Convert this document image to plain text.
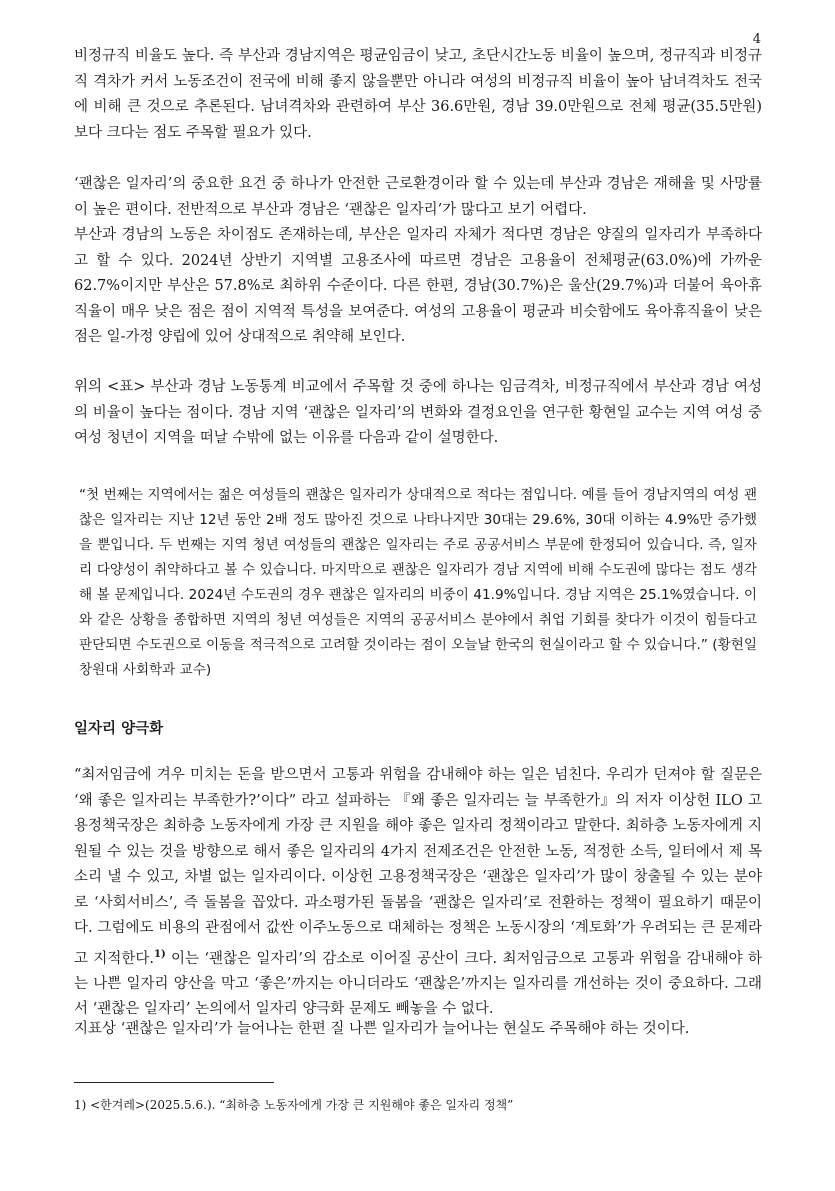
4

비정규직 비율도 높다. 즉 부산과 경남지역은 평균임금이 낮고, 초단시간노동 비율이 높으며, 정규직과 비정규직 격차가 커서 노동조건이 전국에 비해 좋지 않을뿐만 아니라 여성의 비정규직 비율이 높아 남녀격차도 전국에 비해 큰 것으로 추론된다. 남녀격차와 관련하여 부산 36.6만원, 경남 39.0만원으로 전체 평균(35.5만원)보다 크다는 점도 주목할 필요가 있다.

‘괜찮은 일자리’의 중요한 요건 중 하나가 안전한 근로환경이라 할 수 있는데 부산과 경남은 재해율 및 사망률이 높은 편이다. 전반적으로 부산과 경남은 ‘괜찮은 일자리’가 많다고 보기 어렵다.

부산과 경남의 노동은 차이점도 존재하는데, 부산은 일자리 자체가 적다면 경남은 양질의 일자리가 부족하다고 할 수 있다. 2024년 상반기 지역별 고용조사에 따르면 경남은 고용율이 전체평균(63.0%)에 가까운 62.7%이지만 부산은 57.8%로 최하위 수준이다. 다른 한편, 경남(30.7%)은 울산(29.7%)과 더불어 육아휴직율이 매우 낮은 점은 점이 지역적 특성을 보여준다. 여성의 고용율이 평균과 비슷함에도 육아휴직율이 낮은 점은 일-가정 양립에 있어 상대적으로 취약해 보인다.

위의 <표> 부산과 경남 노동통계 비교에서 주목할 것 중에 하나는 임금격차, 비정규직에서 부산과 경남 여성의 비율이 높다는 점이다. 경남 지역 ‘괜찮은 일자리’의 변화와 결정요인을 연구한 황현일 교수는 지역 여성 중 여성 청년이 지역을 떠날 수밖에 없는 이유를 다음과 같이 설명한다.

“첫 번째는 지역에서는 젊은 여성들의 괜찮은 일자리가 상대적으로 적다는 점입니다. 예를 들어 경남지역의 여성 괜찮은 일자리는 지난 12년 동안 2배 정도 많아진 것으로 나타나지만 30대는 29.6%, 30대 이하는 4.9%만 증가했을 뿐입니다. 두 번째는 지역 청년 여성들의 괜찮은 일자리는 주로 공공서비스 부문에 한정되어 있습니다. 즉, 일자리 다양성이 취약하다고 볼 수 있습니다. 마지막으로 괜찮은 일자리가 경남 지역에 비해 수도권에 많다는 점도 생각해 볼 문제입니다. 2024년 수도권의 경우 괜찮은 일자리의 비중이 41.9%입니다. 경남 지역은 25.1%였습니다. 이와 같은 상황을 종합하면 지역의 청년 여성들은 지역의 공공서비스 분야에서 취업 기회를 찾다가 이것이 힘들다고 판단되면 수도권으로 이동을 적극적으로 고려할 것이라는 점이 오늘날 한국의 현실이라고 할 수 있습니다.” (황현일 창원대 사회학과 교수)

일자리 양극화

“최저임금에 겨우 미치는 돈을 받으면서 고통과 위험을 감내해야 하는 일은 넘친다. 우리가 던져야 할 질문은 ‘왜 좋은 일자리는 부족한가?’이다” 라고 설파하는 『왜 좋은 일자리는 늘 부족한가』의 저자 이상헌 ILO 고용정책국장은 최하층 노동자에게 가장 큰 지원을 해야 좋은 일자리 정책이라고 말한다. 최하층 노동자에게 지원될 수 있는 것을 방향으로 해서 좋은 일자리의 4가지 전제조건은 안전한 노동, 적정한 소득, 일터에서 제 목소리 낼 수 있고, 차별 없는 일자리이다. 이상헌 고용정책국장은 ‘괜찮은 일자리’가 많이 창출될 수 있는 분야로 ‘사회서비스’, 즉 돌봄을 꼽았다. 과소평가된 돌봄을 ‘괜찮은 일자리’로 전환하는 정책이 필요하기 때문이다. 그럼에도 비용의 관점에서 값싼 이주노동으로 대체하는 정책은 노동시장의 ‘계토화’가 우려되는 큰 문제라고 지적한다.$^{1)}$ 이는 ‘괜찮은 일자리’의 감소로 이어질 공산이 크다. 최저임금으로 고통과 위험을 감내해야 하는 나쁜 일자리 양산을 막고 ‘좋은’까지는 아니더라도 ‘괜찮은’까지는 일자리를 개선하는 것이 중요하다. 그래서 ‘괜찮은 일자리’ 논의에서 일자리 양극화 문제도 빼놓을 수 없다.

지표상 ‘괜찮은 일자리’가 늘어나는 한편 질 나쁜 일자리가 늘어나는 현실도 주목해야 하는 것이다.

1) <한겨레>(2025.5.6.). “최하층 노동자에게 가장 큰 지원해야 좋은 일자리 정책”
